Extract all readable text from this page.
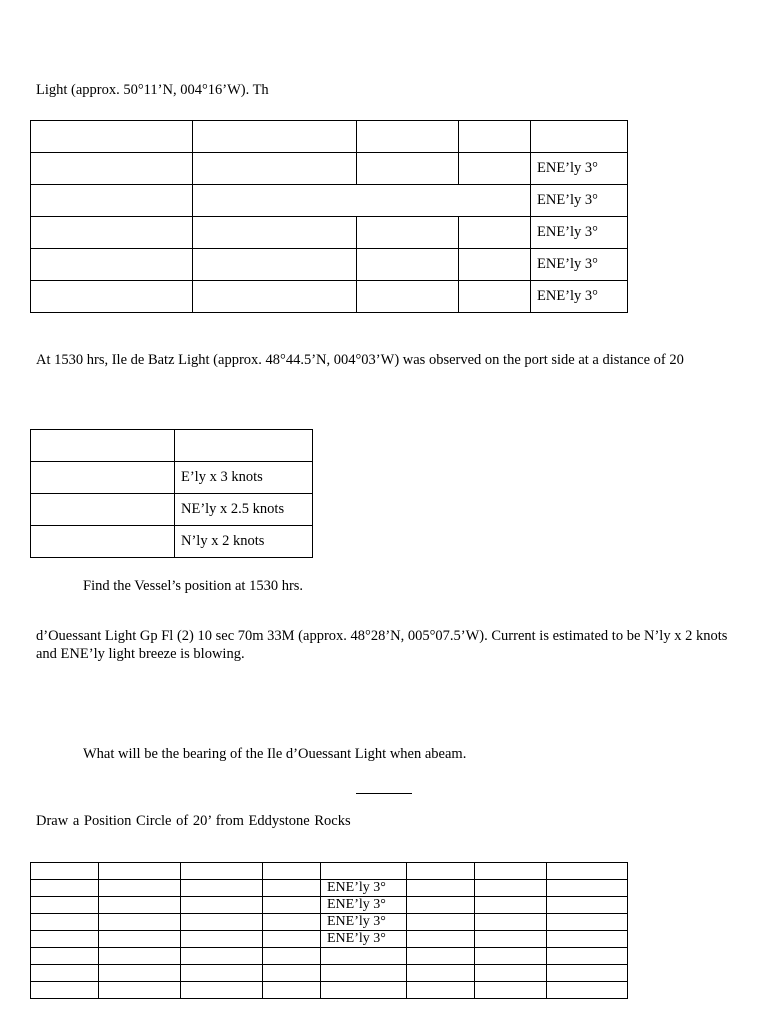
Light (approx. 50°11’N, 004°16’W). Th

				ENE’ly 3°
				ENE’ly 3°
				ENE’ly 3°
				ENE’ly 3°
				ENE’ly 3°
At 1530 hrs, Ile de Batz Light (approx. 48°44.5’N, 004°03’W) was observed on the port side at a distance of 20

	E’ly x 3 knots
	NE’ly x 2.5 knots
	N’ly x 2 knots
Find the Vessel’s position at 1530 hrs.
d’Ouessant Light Gp Fl (2) 10 sec 70m 33M (approx. 48°28’N, 005°07.5’W). Current is estimated to be N’ly x 2 knots and ENE’ly light breeze is blowing.
What will be the bearing of the Ile d’Ouessant Light when abeam.
Draw a Position Circle of 20’ from Eddystone Rocks

				ENE’ly 3°			
				ENE’ly 3°			
				ENE’ly 3°			
				ENE’ly 3°			
